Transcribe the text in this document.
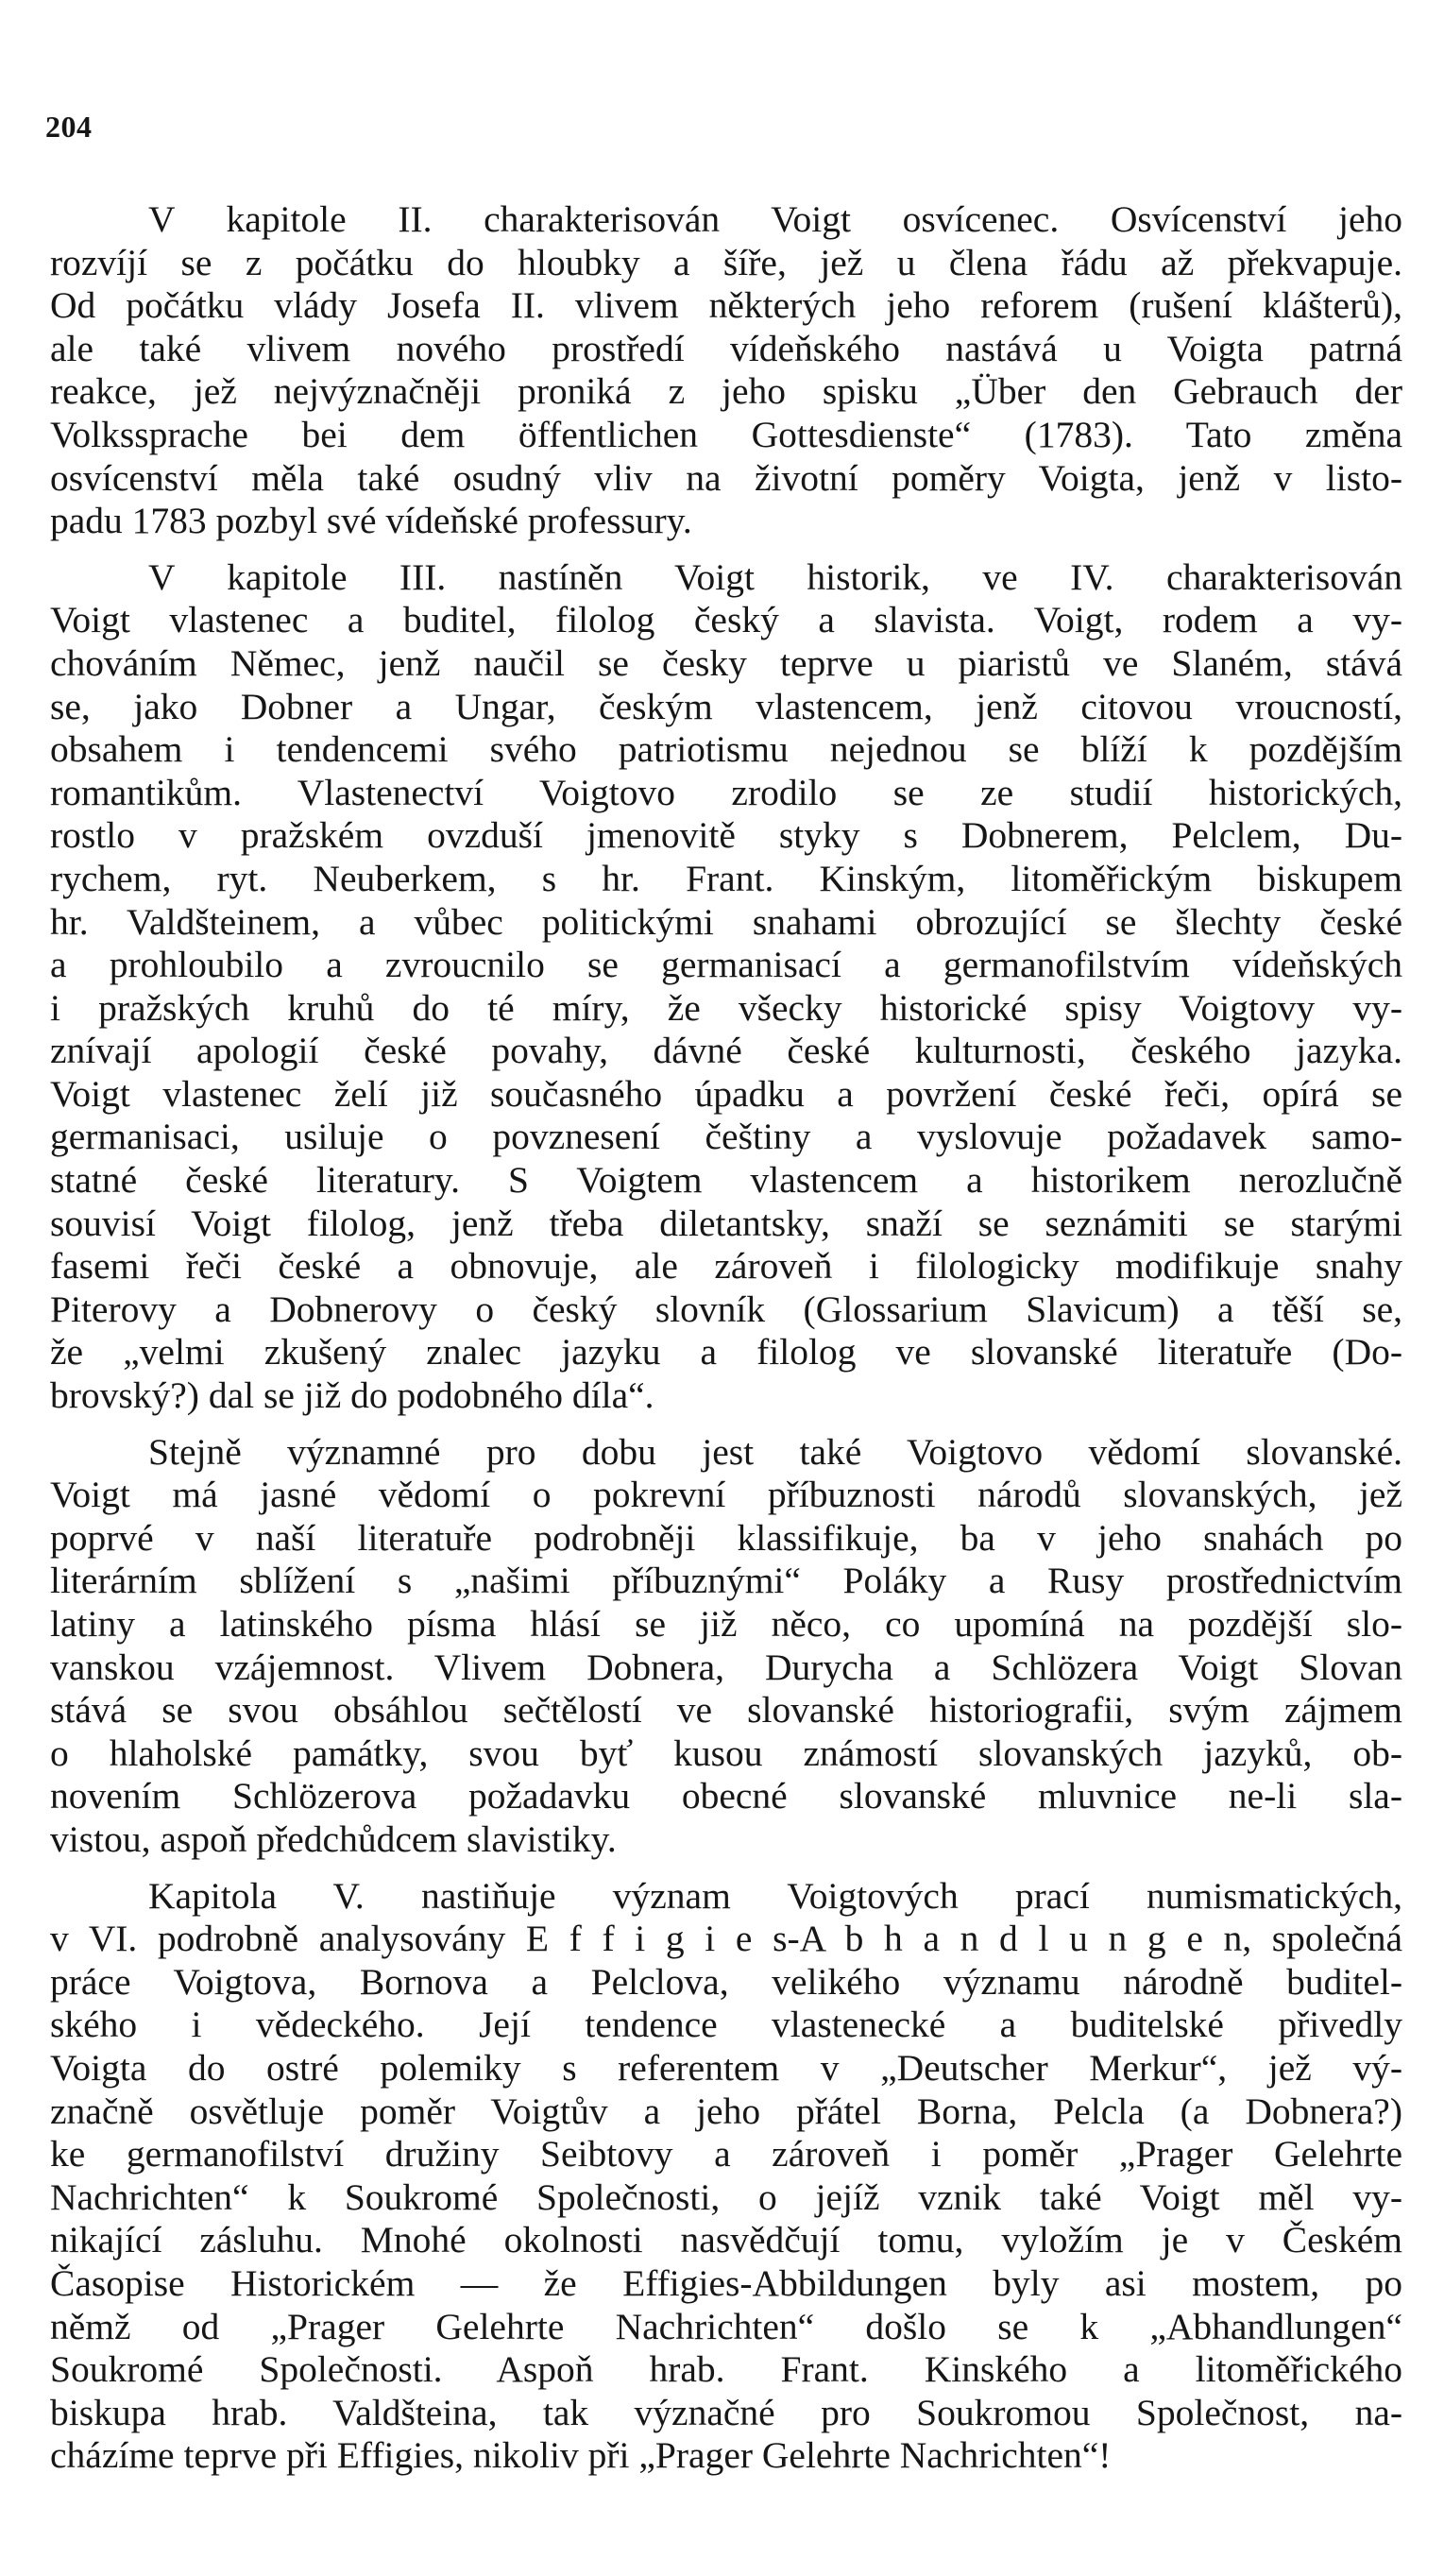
204
V kapitole II. charakterisován Voigt osvícenec. Osvícenství jeho
rozvíjí se z počátku do hloubky a šíře, jež u člena řádu až překvapuje.
Od počátku vlády Josefa II. vlivem některých jeho reforem (rušení klášterů),
ale také vlivem nového prostředí vídeňského nastává u Voigta patrná
reakce, jež nejvýznačněji proniká z jeho spisku „Über den Gebrauch der
Volkssprache bei dem öffentlichen Gottesdienste“ (1783). Tato změna
osvícenství měla také osudný vliv na životní poměry Voigta, jenž v listo-
padu 1783 pozbyl své vídeňské professury.
V kapitole III. nastíněn Voigt historik, ve IV. charakterisován
Voigt vlastenec a buditel, filolog český a slavista. Voigt, rodem a vy-
chováním Němec, jenž naučil se česky teprve u piaristů ve Slaném, stává
se, jako Dobner a Ungar, českým vlastencem, jenž citovou vroucností,
obsahem i tendencemi svého patriotismu nejednou se blíží k pozdějším
romantikům. Vlastenectví Voigtovo zrodilo se ze studií historických,
rostlo v pražském ovzduší jmenovitě styky s Dobnerem, Pelclem, Du-
rychem, ryt. Neuberkem, s hr. Frant. Kinským, litoměřickým biskupem
hr. Valdšteinem, a vůbec politickými snahami obrozující se šlechty české
a prohloubilo a zvroucnilo se germanisací a germanofilstvím vídeňských
i pražských kruhů do té míry, že všecky historické spisy Voigtovy vy-
znívají apologií české povahy, dávné české kulturnosti, českého jazyka.
Voigt vlastenec želí již současného úpadku a povržení české řeči, opírá se
germanisaci, usiluje o povznesení češtiny a vyslovuje požadavek samo-
statné české literatury. S Voigtem vlastencem a historikem nerozlučně
souvisí Voigt filolog, jenž třeba diletantsky, snaží se seznámiti se starými
fasemi řeči české a obnovuje, ale zároveň i filologicky modifikuje snahy
Piterovy a Dobnerovy o český slovník (Glossarium Slavicum) a těší se,
že „velmi zkušený znalec jazyku a filolog ve slovanské literatuře (Do-
brovský?) dal se již do podobného díla“.
Stejně významné pro dobu jest také Voigtovo vědomí slovanské.
Voigt má jasné vědomí o pokrevní příbuznosti národů slovanských, jež
poprvé v naší literatuře podrobněji klassifikuje, ba v jeho snahách po
literárním sblížení s „našimi příbuznými“ Poláky a Rusy prostřednictvím
latiny a latinského písma hlásí se již něco, co upomíná na pozdější slo-
vanskou vzájemnost. Vlivem Dobnera, Durycha a Schlözera Voigt Slovan
stává se svou obsáhlou sečtělostí ve slovanské historiografii, svým zájmem
o hlaholské památky, svou byť kusou známostí slovanských jazyků, ob-
novením Schlözerova požadavku obecné slovanské mluvnice ne-li sla-
vistou, aspoň předchůdcem slavistiky.
Kapitola V. nastiňuje význam Voigtových prací numismatických,
v VI. podrobně analysovány E f f i g i e s-A b h a n d l u n g e n, společná
práce Voigtova, Bornova a Pelclova, velikého významu národně buditel-
ského i vědeckého. Její tendence vlastenecké a buditelské přivedly
Voigta do ostré polemiky s referentem v „Deutscher Merkur“, jež vý-
značně osvětluje poměr Voigtův a jeho přátel Borna, Pelcla (a Dobnera?)
ke germanofilství družiny Seibtovy a zároveň i poměr „Prager Gelehrte
Nachrichten“ k Soukromé Společnosti, o jejíž vznik také Voigt měl vy-
nikající zásluhu. Mnohé okolnosti nasvědčují tomu, vyložím je v Českém
Časopise Historickém — že Effigies-Abbildungen byly asi mostem, po
němž od „Prager Gelehrte Nachrichten“ došlo se k „Abhandlungen“
Soukromé Společnosti. Aspoň hrab. Frant. Kinského a litoměřického
biskupa hrab. Valdšteina, tak význačné pro Soukromou Společnost, na-
cházíme teprve při Effigies, nikoliv při „Prager Gelehrte Nachrichten“!
